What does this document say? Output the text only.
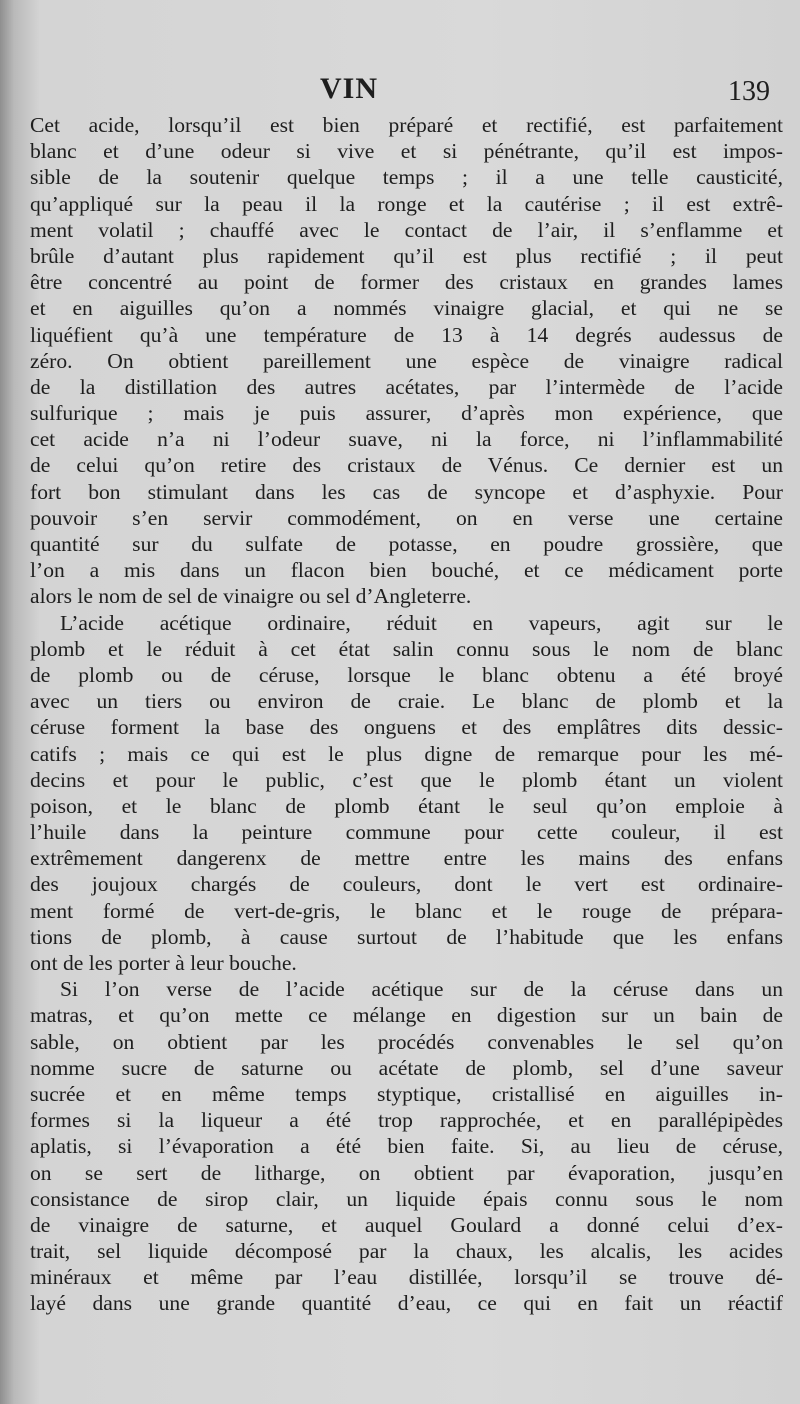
VIN	139
Cet acide, lorsqu’il est bien préparé et rectifié, est parfaitement
blanc et d’une odeur si vive et si pénétrante, qu’il est impos-
sible de la soutenir quelque temps ; il a une telle causticité,
qu’appliqué sur la peau il la ronge et la cautérise ; il est extrê-
ment volatil ; chauffé avec le contact de l’air, il s’enflamme et
brûle d’autant plus rapidement qu’il est plus rectifié ; il peut
être concentré au point de former des cristaux en grandes lames
et en aiguilles qu’on a nommés vinaigre glacial, et qui ne se
liquéfient qu’à une température de 13 à 14 degrés audessus de
zéro. On obtient pareillement une espèce de vinaigre radical
de la distillation des autres acétates, par l’intermède de l’acide
sulfurique ; mais je puis assurer, d’après mon expérience, que
cet acide n’a ni l’odeur suave, ni la force, ni l’inflammabilité
de celui qu’on retire des cristaux de Vénus. Ce dernier est un
fort bon stimulant dans les cas de syncope et d’asphyxie. Pour
pouvoir s’en servir commodément, on en verse une certaine
quantité sur du sulfate de potasse, en poudre grossière, que
l’on a mis dans un flacon bien bouché, et ce médicament porte
alors le nom de sel de vinaigre ou sel d’Angleterre.
L’acide acétique ordinaire, réduit en vapeurs, agit sur le
plomb et le réduit à cet état salin connu sous le nom de blanc
de plomb ou de céruse, lorsque le blanc obtenu a été broyé
avec un tiers ou environ de craie. Le blanc de plomb et la
céruse forment la base des onguens et des emplâtres dits dessic-
catifs ; mais ce qui est le plus digne de remarque pour les mé-
decins et pour le public, c’est que le plomb étant un violent
poison, et le blanc de plomb étant le seul qu’on emploie à
l’huile dans la peinture commune pour cette couleur, il est
extrêmement dangerenx de mettre entre les mains des enfans
des joujoux chargés de couleurs, dont le vert est ordinaire-
ment formé de vert-de-gris, le blanc et le rouge de prépara-
tions de plomb, à cause surtout de l’habitude que les enfans
ont de les porter à leur bouche.
Si l’on verse de l’acide acétique sur de la céruse dans un
matras, et qu’on mette ce mélange en digestion sur un bain de
sable, on obtient par les procédés convenables le sel qu’on
nomme sucre de saturne ou acétate de plomb, sel d’une saveur
sucrée et en même temps styptique, cristallisé en aiguilles in-
formes si la liqueur a été trop rapprochée, et en parallépipèdes
aplatis, si l’évaporation a été bien faite. Si, au lieu de céruse,
on se sert de litharge, on obtient par évaporation, jusqu’en
consistance de sirop clair, un liquide épais connu sous le nom
de vinaigre de saturne, et auquel Goulard a donné celui d’ex-
trait, sel liquide décomposé par la chaux, les alcalis, les acides
minéraux et même par l’eau distillée, lorsqu’il se trouve dé-
layé dans une grande quantité d’eau, ce qui en fait un réactif
